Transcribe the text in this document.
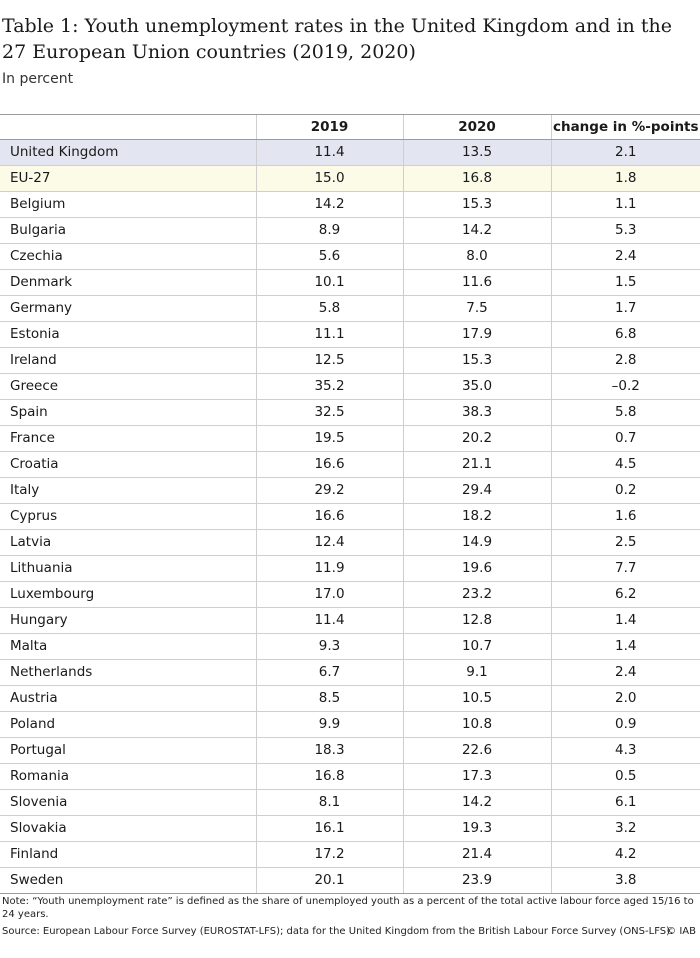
Table 1: Youth unemployment rates in the United Kingdom and in the 27 European Union countries (2019, 2020)

In percent

	2019	2020	change in %-points
United Kingdom	11.4	13.5	2.1
EU-27	15.0	16.8	1.8
Belgium	14.2	15.3	1.1
Bulgaria	8.9	14.2	5.3
Czechia	5.6	8.0	2.4
Denmark	10.1	11.6	1.5
Germany	5.8	7.5	1.7
Estonia	11.1	17.9	6.8
Ireland	12.5	15.3	2.8
Greece	35.2	35.0	–0.2
Spain	32.5	38.3	5.8
France	19.5	20.2	0.7
Croatia	16.6	21.1	4.5
Italy	29.2	29.4	0.2
Cyprus	16.6	18.2	1.6
Latvia	12.4	14.9	2.5
Lithuania	11.9	19.6	7.7
Luxembourg	17.0	23.2	6.2
Hungary	11.4	12.8	1.4
Malta	9.3	10.7	1.4
Netherlands	6.7	9.1	2.4
Austria	8.5	10.5	2.0
Poland	9.9	10.8	0.9
Portugal	18.3	22.6	4.3
Romania	16.8	17.3	0.5
Slovenia	8.1	14.2	6.1
Slovakia	16.1	19.3	3.2
Finland	17.2	21.4	4.2
Sweden	20.1	23.9	3.8

Note: “Youth unemployment rate” is defined as the share of unemployed youth as a percent of the total active labour force aged 15/16 to 24 years.

Source: European Labour Force Survey (EUROSTAT-LFS); data for the United Kingdom from the British Labour Force Survey (ONS-LFS).
© IAB
